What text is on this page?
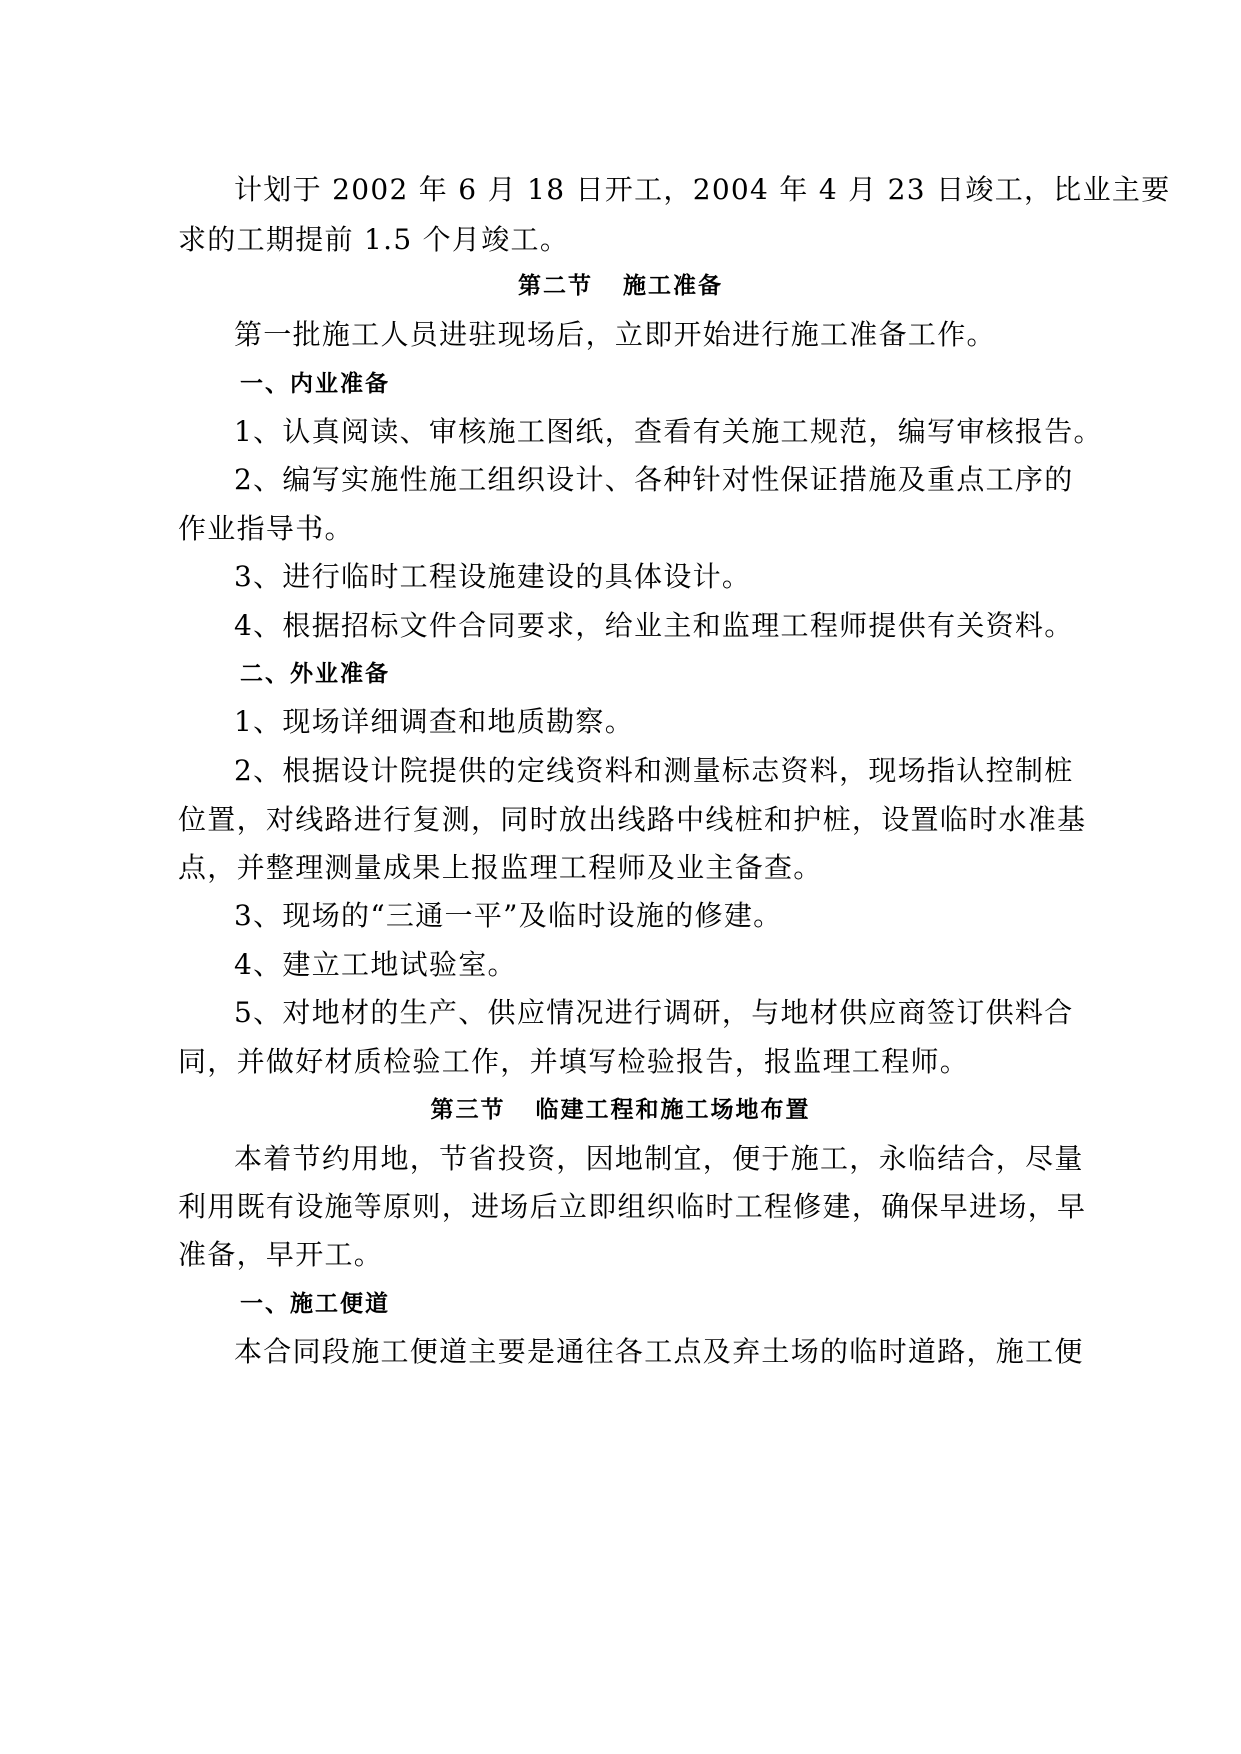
计划于 2002 年 6 月 18 日开工，2004 年 4 月 23 日竣工，比业主要
求的工期提前 1.5 个月竣工。
第二节   施工准备
第一批施工人员进驻现场后，立即开始进行施工准备工作。
一、内业准备
1、认真阅读、审核施工图纸，查看有关施工规范，编写审核报告。
2、编写实施性施工组织设计、各种针对性保证措施及重点工序的
作业指导书。
3、进行临时工程设施建设的具体设计。
4、根据招标文件合同要求，给业主和监理工程师提供有关资料。
二、外业准备
1、现场详细调查和地质勘察。
2、根据设计院提供的定线资料和测量标志资料，现场指认控制桩
位置，对线路进行复测，同时放出线路中线桩和护桩，设置临时水准基
点，并整理测量成果上报监理工程师及业主备查。
3、现场的“三通一平”及临时设施的修建。
4、建立工地试验室。
5、对地材的生产、供应情况进行调研，与地材供应商签订供料合
同，并做好材质检验工作，并填写检验报告，报监理工程师。
第三节   临建工程和施工场地布置
本着节约用地，节省投资，因地制宜，便于施工，永临结合，尽量
利用既有设施等原则，进场后立即组织临时工程修建，确保早进场，早
准备，早开工。
一、施工便道
本合同段施工便道主要是通往各工点及弃土场的临时道路，施工便
